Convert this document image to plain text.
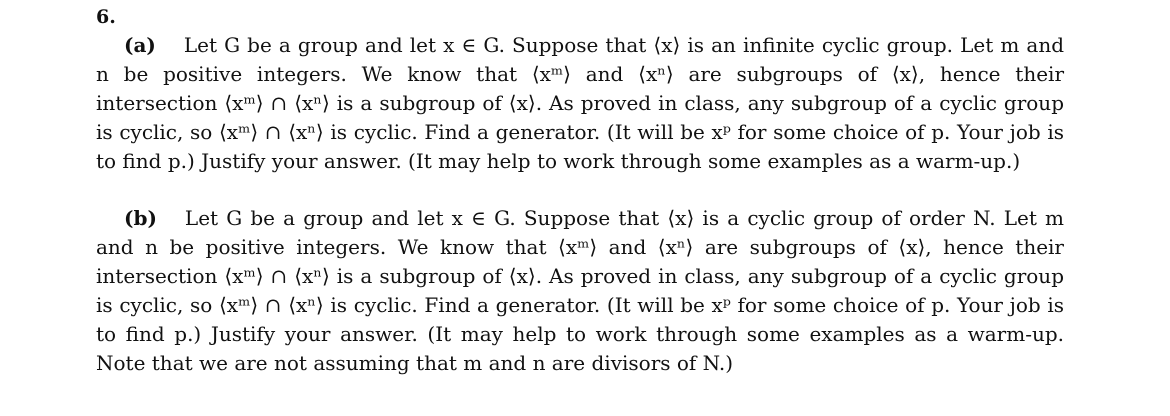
6.
(a) Let G be a group and let x ∈ G. Suppose that ⟨x⟩ is an infinite cyclic group. Let m and n be positive integers. We know that ⟨xᵐ⟩ and ⟨xⁿ⟩ are subgroups of ⟨x⟩, hence their intersection ⟨xᵐ⟩ ∩ ⟨xⁿ⟩ is a subgroup of ⟨x⟩. As proved in class, any subgroup of a cyclic group is cyclic, so ⟨xᵐ⟩ ∩ ⟨xⁿ⟩ is cyclic. Find a generator. (It will be xᵖ for some choice of p. Your job is to find p.) Justify your answer. (It may help to work through some examples as a warm-up.)
(b) Let G be a group and let x ∈ G. Suppose that ⟨x⟩ is a cyclic group of order N. Let m and n be positive integers. We know that ⟨xᵐ⟩ and ⟨xⁿ⟩ are subgroups of ⟨x⟩, hence their intersection ⟨xᵐ⟩ ∩ ⟨xⁿ⟩ is a subgroup of ⟨x⟩. As proved in class, any subgroup of a cyclic group is cyclic, so ⟨xᵐ⟩ ∩ ⟨xⁿ⟩ is cyclic. Find a generator. (It will be xᵖ for some choice of p. Your job is to find p.) Justify your answer. (It may help to work through some examples as a warm-up. Note that we are not assuming that m and n are divisors of N.)
